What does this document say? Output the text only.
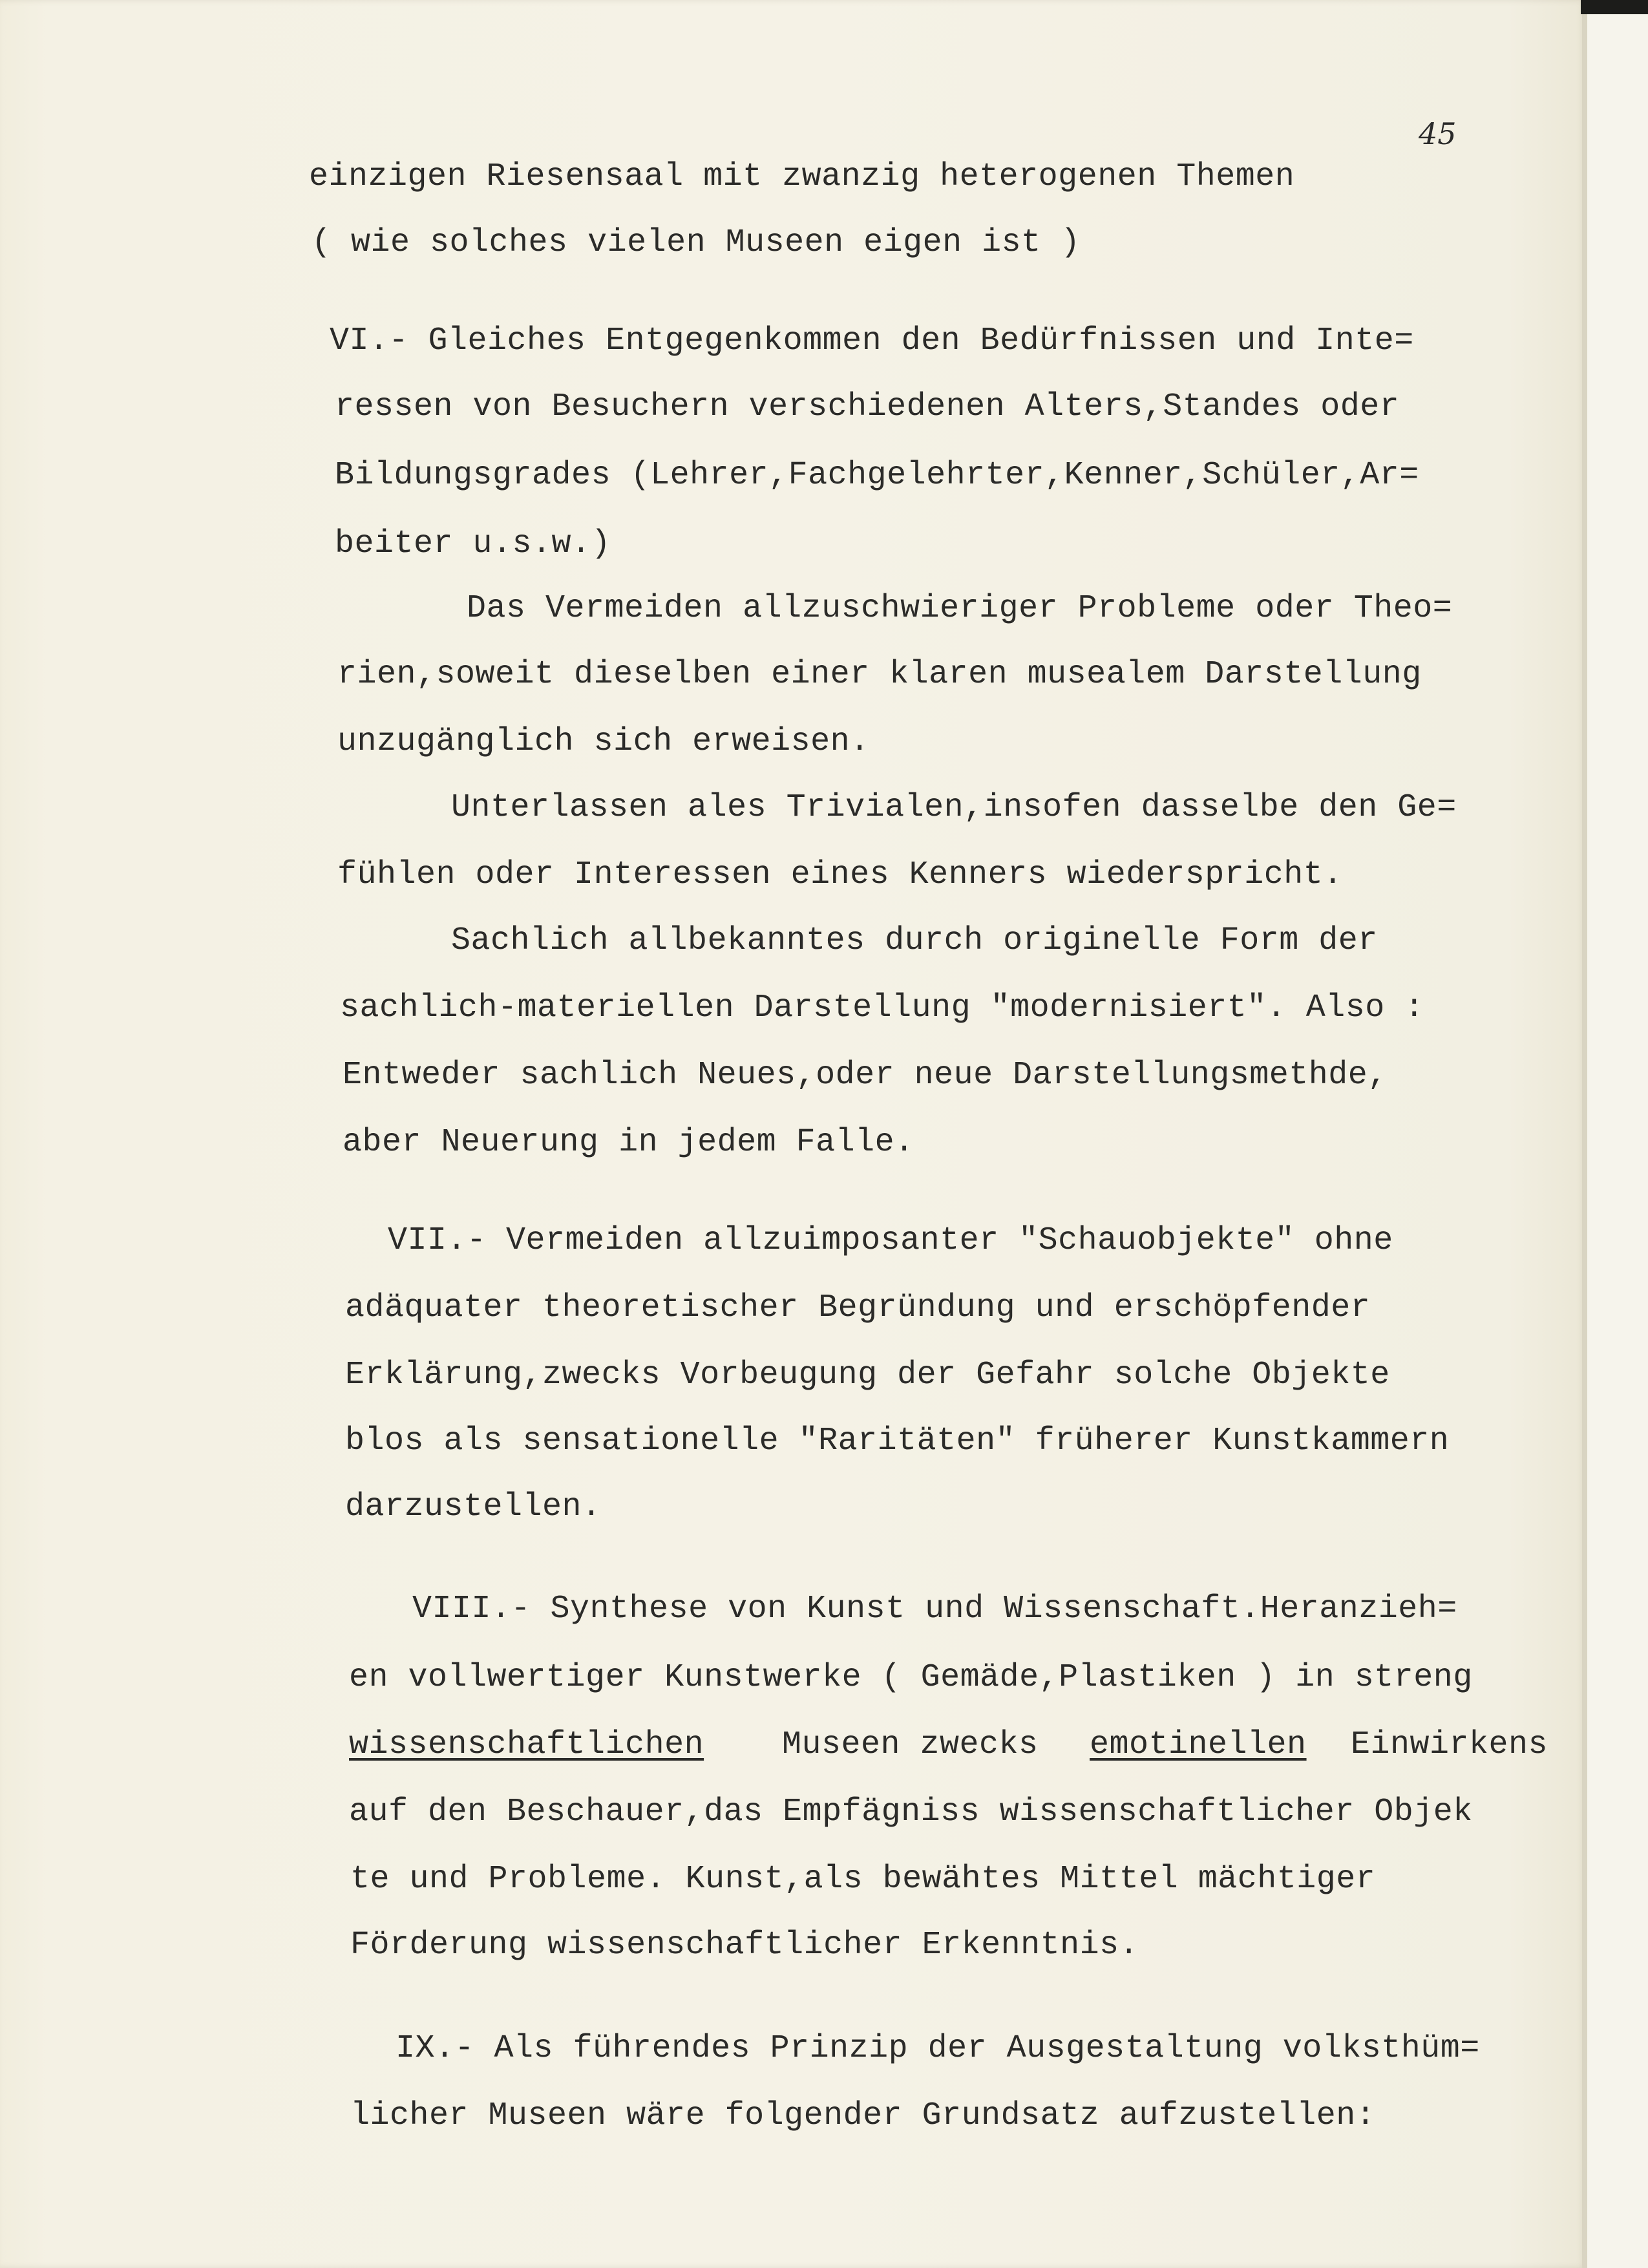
45
einzigen Riesensaal mit zwanzig heterogenen Themen
( wie solches vielen Museen eigen ist )
VI.- Gleiches Entgegenkommen den Bedürfnissen und Inte=
ressen von Besuchern verschiedenen Alters,Standes oder
Bildungsgrades (Lehrer,Fachgelehrter,Kenner,Schüler,Ar=
beiter u.s.w.)
Das Vermeiden allzuschwieriger Probleme oder Theo=
rien,soweit dieselben einer klaren musealem Darstellung
unzugänglich sich erweisen.
Unterlassen ales Trivialen,insofen dasselbe den Ge=
fühlen oder Interessen eines Kenners wiederspricht.
Sachlich allbekanntes durch originelle Form der
sachlich-materiellen Darstellung "modernisiert". Also :
Entweder sachlich Neues,oder neue Darstellungsmethde,
aber Neuerung in jedem Falle.
VII.- Vermeiden allzuimposanter "Schauobjekte" ohne
adäquater theoretischer Begründung und erschöpfender
Erklärung,zwecks Vorbeugung der Gefahr solche Objekte
blos als sensationelle "Raritäten" früherer Kunstkammern
darzustellen.
VIII.- Synthese von Kunst und Wissenschaft.Heranzieh=
en vollwertiger Kunstwerke ( Gemäde,Plastiken ) in streng
wissenschaftlichen Museen zwecks emotinellen Einwirkens
auf den Beschauer,das Empfägniss wissenschaftlicher Objek
te und Probleme. Kunst,als bewähtes Mittel mächtiger
Förderung wissenschaftlicher Erkenntnis.
IX.- Als führendes Prinzip der Ausgestaltung volksthüm=
licher Museen wäre folgender Grundsatz aufzustellen:
